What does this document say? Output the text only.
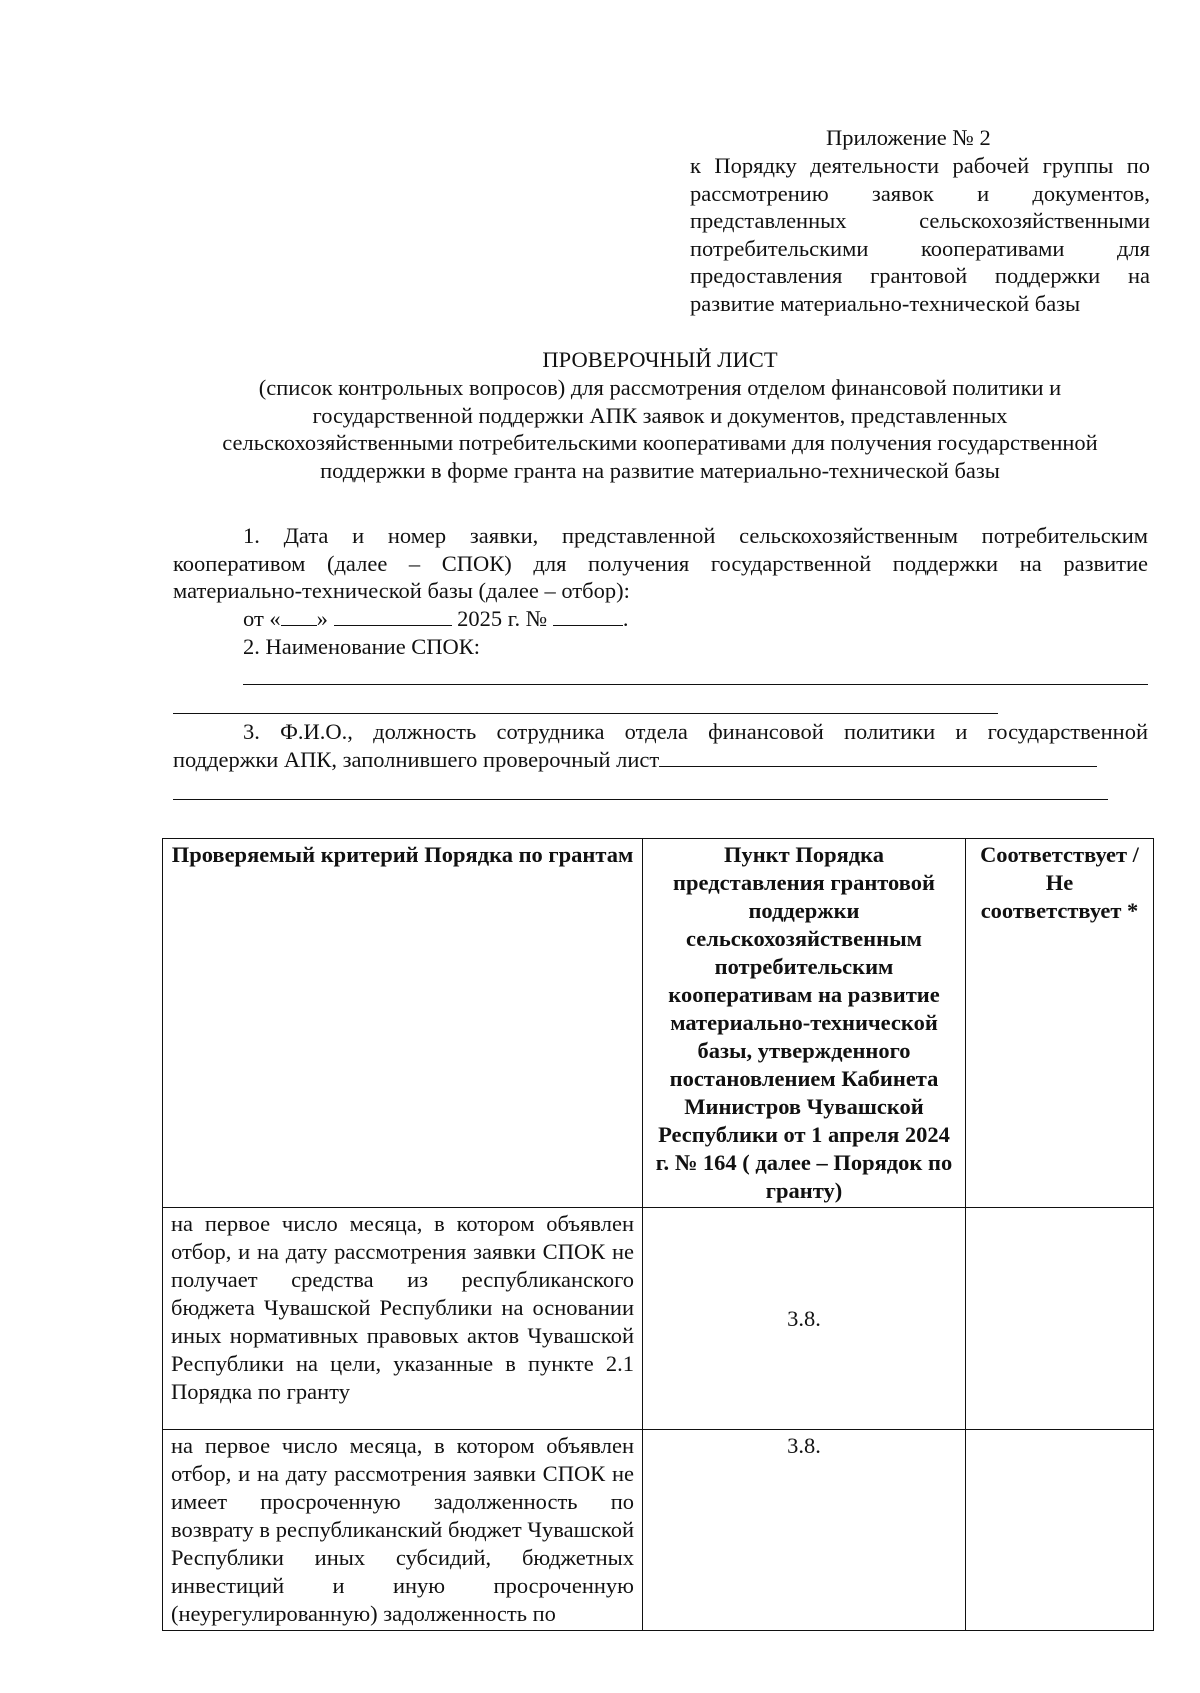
Приложение № 2
к Порядку деятельности рабочей группы по
рассмотрению заявок и документов,
представленных сельскохозяйственными
потребительскими кооперативами для
предоставления грантовой поддержки на
развитие материально-технической базы
ПРОВЕРОЧНЫЙ ЛИСТ
(список контрольных вопросов) для рассмотрения отделом финансовой политики и
государственной поддержки АПК заявок и документов, представленных
сельскохозяйственными потребительскими кооперативами для получения государственной
поддержки в форме гранта на развитие материально-технической базы
1. Дата и номер заявки, представленной сельскохозяйственным потребительским
кооперативом (далее – СПОК) для получения государственной поддержки на развитие
материально-технической базы (далее – отбор):
от « »	2025 г. №	.
2. Наименование СПОК:
3. Ф.И.О., должность сотрудника отдела финансовой политики и государственной
поддержки АПК, заполнившего проверочный лист
Проверяемый критерий Порядка по грантам	Пункт Порядка представления грантовой поддержки сельскохозяйственным потребительским кооперативам на развитие материально-технической базы, утвержденного постановлением Кабинета Министров Чувашской Республики от 1 апреля 2024 г. № 164 ( далее – Порядок по гранту)	Соответствует / Не соответствует *
на первое число месяца, в котором объявлен отбор, и на дату рассмотрения заявки СПОК не получает средства из республиканского бюджета Чувашской Республики на основании иных нормативных правовых актов Чувашской Республики на цели, указанные в пункте 2.1 Порядка по гранту	3.8.	
на первое число месяца, в котором объявлен отбор, и на дату рассмотрения заявки СПОК не имеет просроченную задолженность по возврату в республиканский бюджет Чувашской Республики иных субсидий, бюджетных инвестиций и иную просроченную (неурегулированную) задолженность по	3.8.	
